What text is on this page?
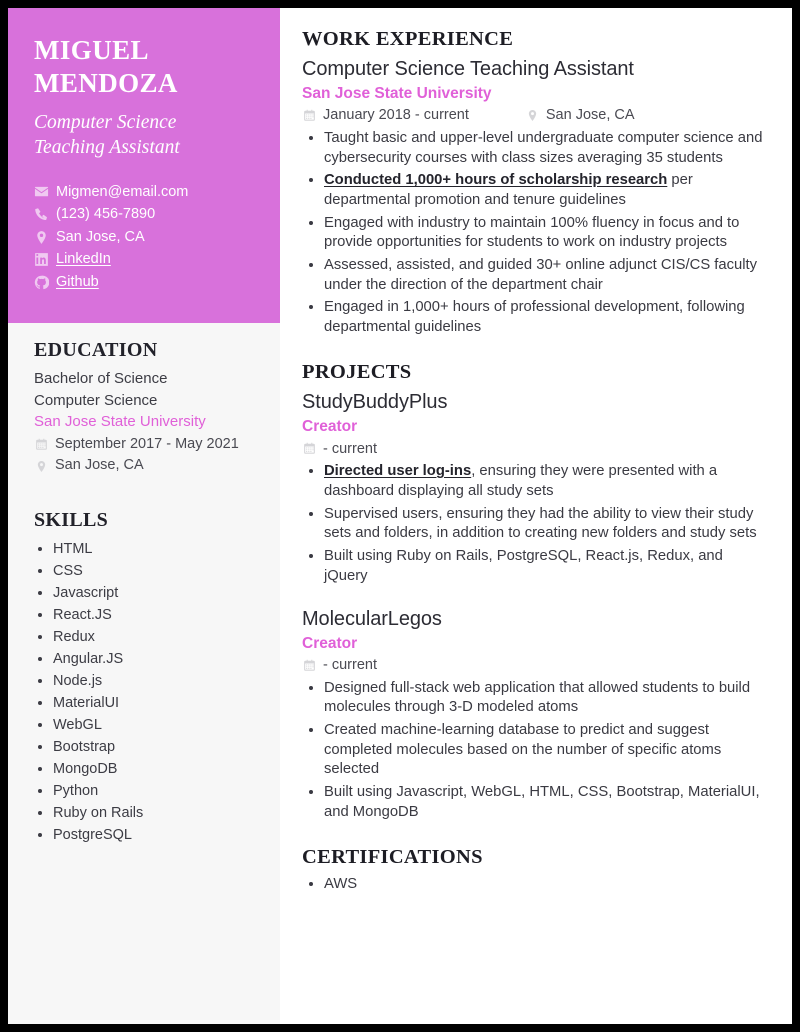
MIGUEL
MENDOZA
Computer Science
Teaching Assistant
Migmen@email.com
(123) 456-7890
San Jose, CA
LinkedIn
Github
EDUCATION
Bachelor of Science
Computer Science
San Jose State University
September 2017 - May 2021
San Jose, CA
SKILLS
• HTML
• CSS
• Javascript
• React.JS
• Redux
• Angular.JS
• Node.js
• MaterialUI
• WebGL
• Bootstrap
• MongoDB
• Python
• Ruby on Rails
• PostgreSQL
WORK EXPERIENCE
Computer Science Teaching Assistant
San Jose State University
January 2018 - current	San Jose, CA
• Taught basic and upper-level undergraduate computer science and cybersecurity courses with class sizes averaging 35 students
• Conducted 1,000+ hours of scholarship research per departmental promotion and tenure guidelines
• Engaged with industry to maintain 100% fluency in focus and to provide opportunities for students to work on industry projects
• Assessed, assisted, and guided 30+ online adjunct CIS/CS faculty under the direction of the department chair
• Engaged in 1,000+ hours of professional development, following departmental guidelines
PROJECTS
StudyBuddyPlus
Creator
- current
• Directed user log-ins, ensuring they were presented with a dashboard displaying all study sets
• Supervised users, ensuring they had the ability to view their study sets and folders, in addition to creating new folders and study sets
• Built using Ruby on Rails, PostgreSQL, React.js, Redux, and jQuery
MolecularLegos
Creator
- current
• Designed full-stack web application that allowed students to build molecules through 3-D modeled atoms
• Created machine-learning database to predict and suggest completed molecules based on the number of specific atoms selected
• Built using Javascript, WebGL, HTML, CSS, Bootstrap, MaterialUI, and MongoDB
CERTIFICATIONS
• AWS
